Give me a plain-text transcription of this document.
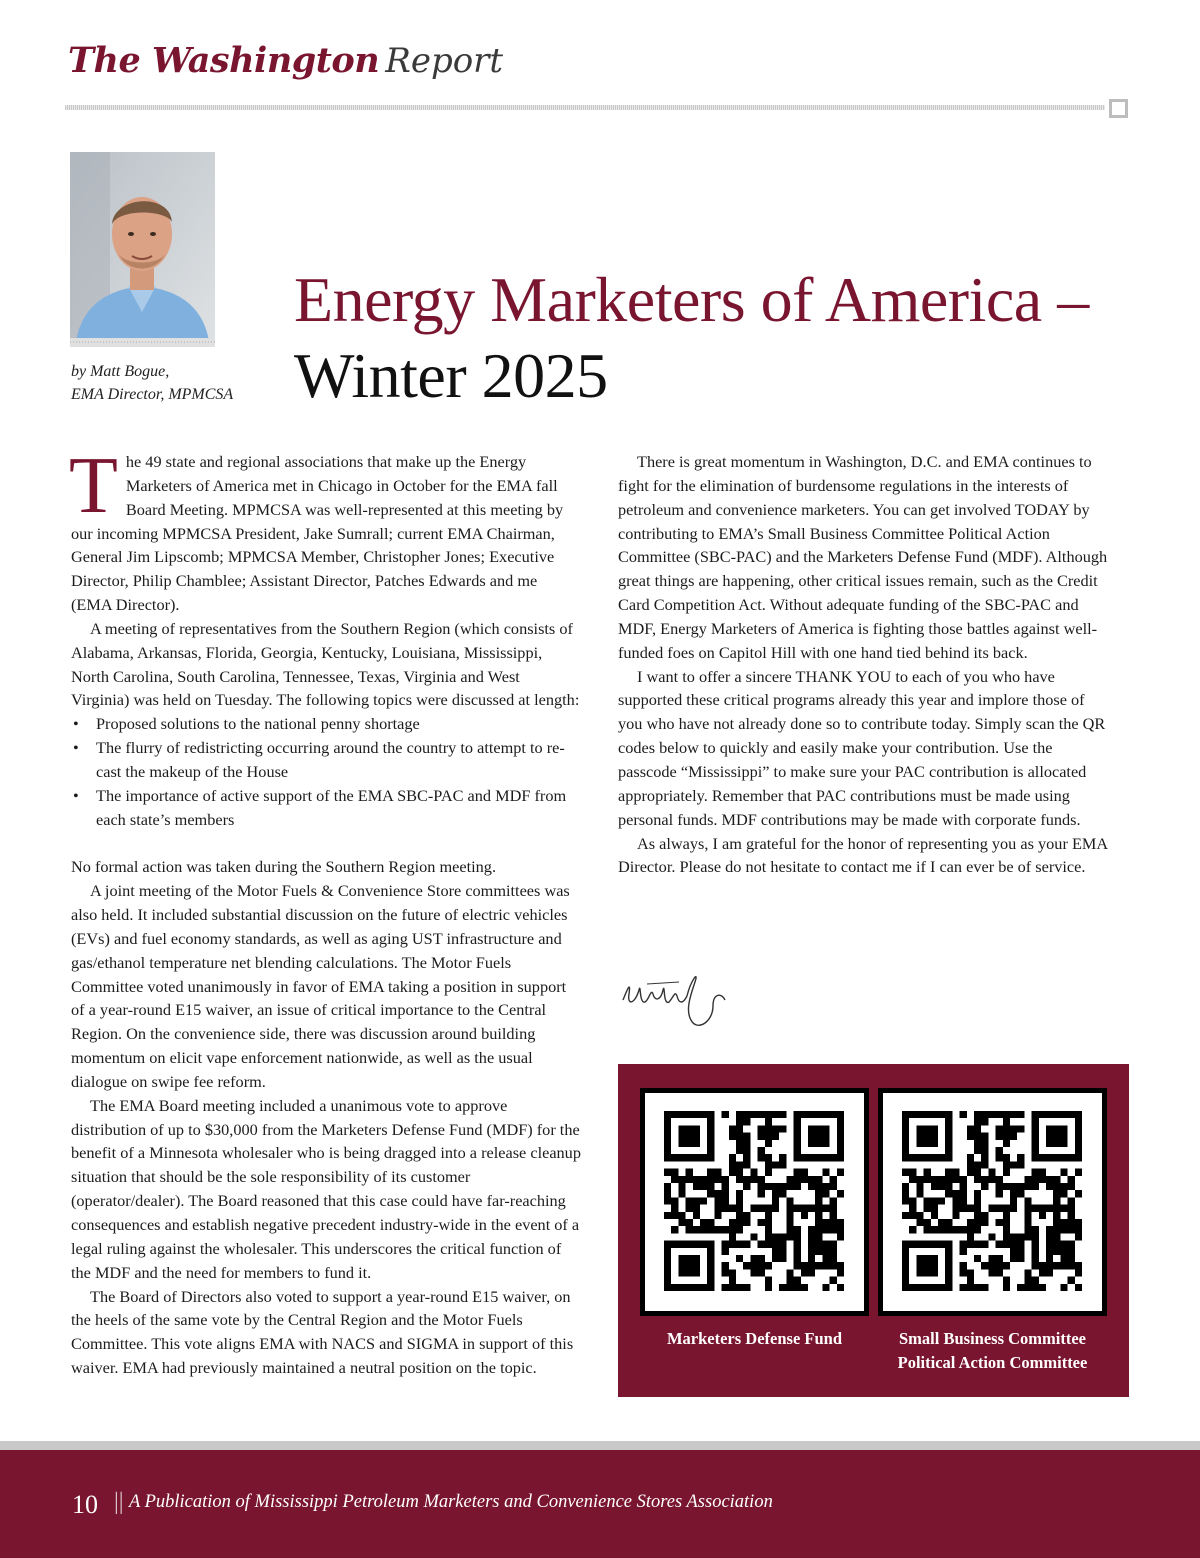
The Washington Report
by Matt Bogue,
EMA Director, MPMCSA
Energy Marketers of America –
Winter 2025

The 49 state and regional associations that make up the Energy Marketers of America met in Chicago in October for the EMA fall Board Meeting. MPMCSA was well-represented at this meeting by our incoming MPMCSA President, Jake Sumrall; current EMA Chairman, General Jim Lipscomb; MPMCSA Member, Christopher Jones; Executive Director, Philip Chamblee; Assistant Director, Patches Edwards and me (EMA Director).

A meeting of representatives from the Southern Region (which consists of Alabama, Arkansas, Florida, Georgia, Kentucky, Louisiana, Mississippi, North Carolina, South Carolina, Tennessee, Texas, Virginia and West Virginia) was held on Tuesday. The following topics were discussed at length:

• Proposed solutions to the national penny shortage
• The flurry of redistricting occurring around the country to attempt to re-cast the makeup of the House
• The importance of active support of the EMA SBC-PAC and MDF from each state’s members

No formal action was taken during the Southern Region meeting.

A joint meeting of the Motor Fuels & Convenience Store committees was also held. It included substantial discussion on the future of electric vehicles (EVs) and fuel economy standards, as well as aging UST infrastructure and gas/ethanol temperature net blending calculations. The Motor Fuels Committee voted unanimously in favor of EMA taking a position in support of a year-round E15 waiver, an issue of critical importance to the Central Region. On the convenience side, there was discussion around building momentum on elicit vape enforcement nationwide, as well as the usual dialogue on swipe fee reform.

The EMA Board meeting included a unanimous vote to approve distribution of up to $30,000 from the Marketers Defense Fund (MDF) for the benefit of a Minnesota wholesaler who is being dragged into a release cleanup situation that should be the sole responsibility of its customer (operator/dealer). The Board reasoned that this case could have far-reaching consequences and establish negative precedent industry-wide in the event of a legal ruling against the wholesaler. This underscores the critical function of the MDF and the need for members to fund it.

The Board of Directors also voted to support a year-round E15 waiver, on the heels of the same vote by the Central Region and the Motor Fuels Committee. This vote aligns EMA with NACS and SIGMA in support of this waiver. EMA had previously maintained a neutral position on the topic.

There is great momentum in Washington, D.C. and EMA continues to fight for the elimination of burdensome regulations in the interests of petroleum and convenience marketers. You can get involved TODAY by contributing to EMA’s Small Business Committee Political Action Committee (SBC-PAC) and the Marketers Defense Fund (MDF). Although great things are happening, other critical issues remain, such as the Credit Card Competition Act. Without adequate funding of the SBC-PAC and MDF, Energy Marketers of America is fighting those battles against well-funded foes on Capitol Hill with one hand tied behind its back.

I want to offer a sincere THANK YOU to each of you who have supported these critical programs already this year and implore those of you who have not already done so to contribute today. Simply scan the QR codes below to quickly and easily make your contribution. Use the passcode “Mississippi” to make sure your PAC contribution is allocated appropriately. Remember that PAC contributions must be made using personal funds. MDF contributions may be made with corporate funds.

As always, I am grateful for the honor of representing you as your EMA Director. Please do not hesitate to contact me if I can ever be of service.

Marketers Defense Fund	Small Business Committee
Political Action Committee
10 || A Publication of Mississippi Petroleum Marketers and Convenience Stores Association
